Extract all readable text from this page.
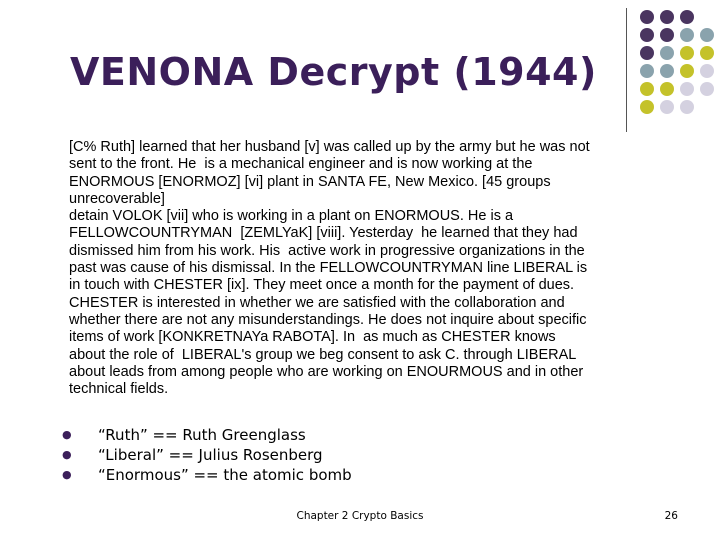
VENONA Decrypt (1944)

[C% Ruth] learned that her husband [v] was called up by the army but he was not
sent to the front. He  is a mechanical engineer and is now working at the
ENORMOUS [ENORMOZ] [vi] plant in SANTA FE, New Mexico. [45 groups
unrecoverable]
detain VOLOK [vii] who is working in a plant on ENORMOUS. He is a
FELLOWCOUNTRYMAN  [ZEMLYaK] [viii]. Yesterday  he learned that they had
dismissed him from his work. His  active work in progressive organizations in the
past was cause of his dismissal. In the FELLOWCOUNTRYMAN line LIBERAL is
in touch with CHESTER [ix]. They meet once a month for the payment of dues.
CHESTER is interested in whether we are satisfied with the collaboration and
whether there are not any misunderstandings. He does not inquire about specific
items of work [KONKRETNAYa RABOTA]. In  as much as CHESTER knows
about the role of  LIBERAL's group we beg consent to ask C. through LIBERAL
about leads from among people who are working on ENOURMOUS and in other
technical fields.

● “Ruth” == Ruth Greenglass
● “Liberal” == Julius Rosenberg
● “Enormous” == the atomic bomb
Chapter 2 Crypto Basics	26
